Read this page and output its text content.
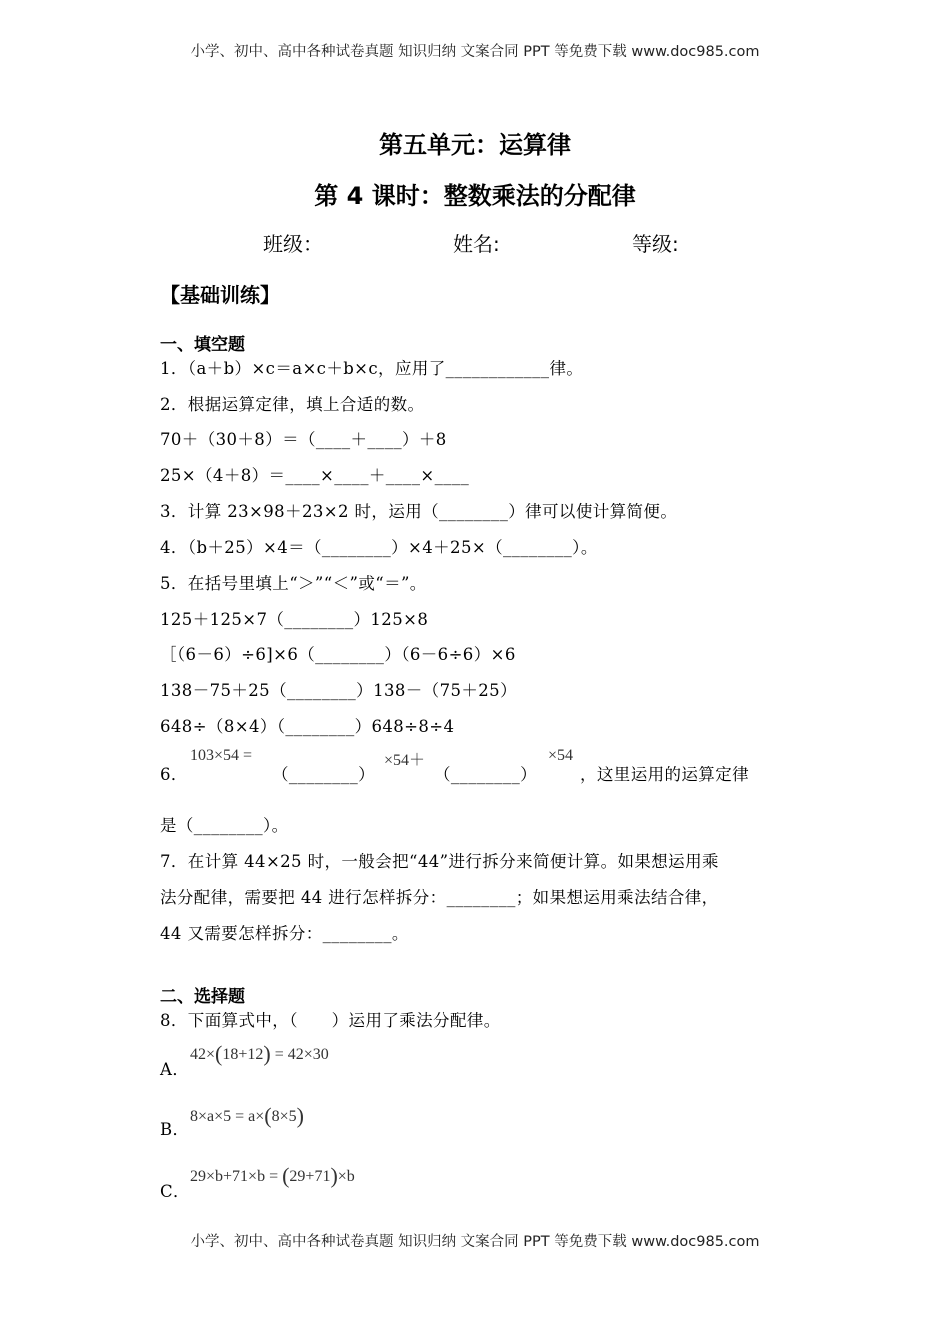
小学、初中、高中各种试卷真题 知识归纳 文案合同 PPT 等免费下载 www.doc985.com
第五单元：运算律
第 4 课时：整数乘法的分配律
班级：	姓名:	等级:
【基础训练】
一、填空题
1．（a＋b）×c＝a×c＋b×c，应用了____________律。
2．根据运算定律，填上合适的数。
70＋（30＋8）＝（____＋____）＋8
25×（4＋8）＝____×____＋____×____
3．计算 23×98＋23×2 时，运用（________）律可以使计算简便。
4．（b＋25）×4＝（________）×4＋25×（________）。
5．在括号里填上“＞”“＜”或“＝”。
125＋125×7（________）125×8
［（6－6）÷6]×6（________）（6－6÷6）×6
138－75＋25（________）138－（75＋25）
648÷（8×4）（________）648÷8÷4
6．
103×54 =
（________）
×54＋
（________）
×54
，这里运用的运算定律
是（________）。
7．在计算 44×25 时，一般会把“44”进行拆分来简便计算。如果想运用乘
法分配律，需要把 44 进行怎样拆分：________；如果想运用乘法结合律，
44 又需要怎样拆分：________。
二、选择题
8．下面算式中，（　　）运用了乘法分配律。
A．
42×(18+12) = 42×30
B．
8×a×5 = a×(8×5)
C．
29×b+71×b = (29+71)×b
小学、初中、高中各种试卷真题 知识归纳 文案合同 PPT 等免费下载 www.doc985.com
